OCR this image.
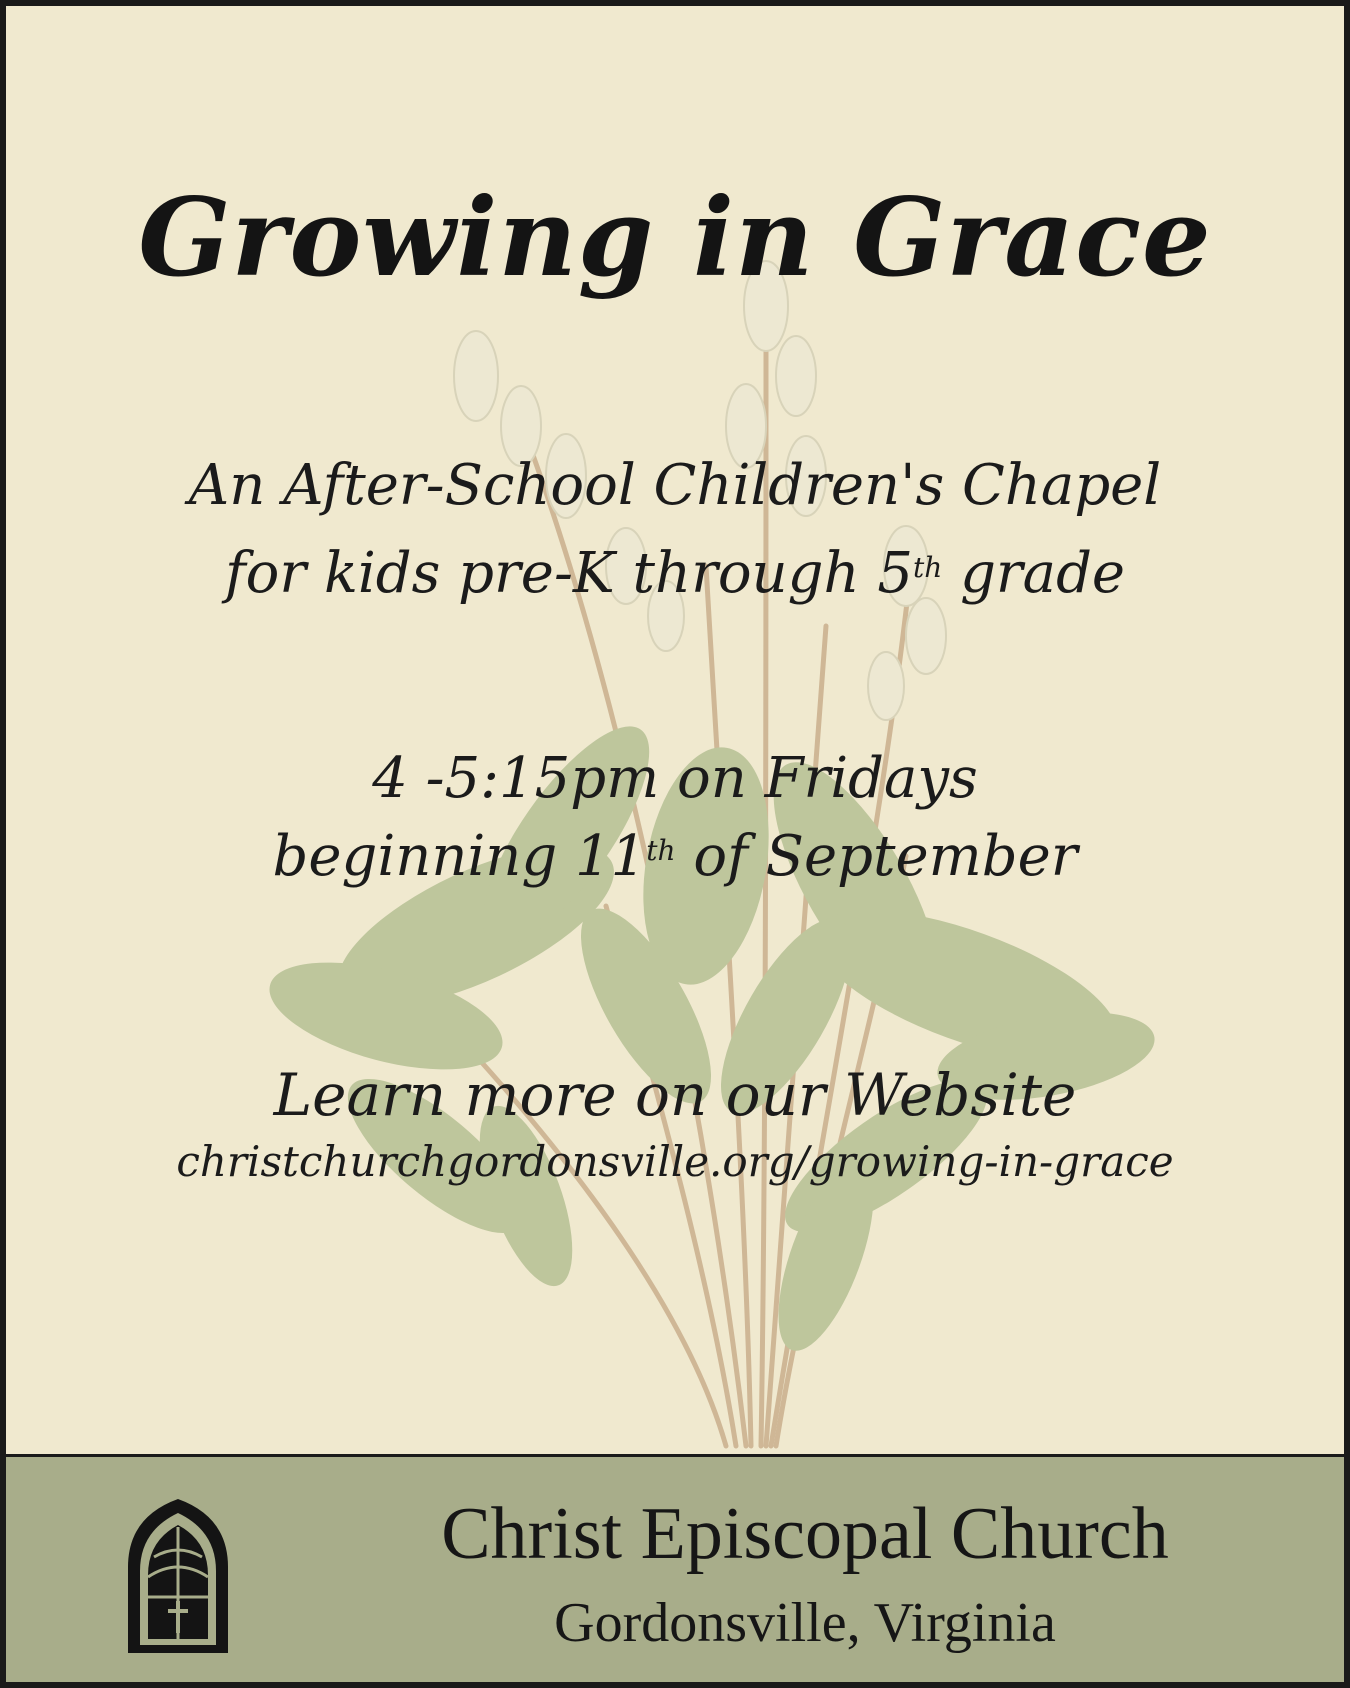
Growing in Grace
An After-School Children's Chapel
for kids pre-K through 5th grade
4 -5:15pm on Fridays
beginning 11th of September
Learn more on our Website
christchurchgordonsville.org/growing-in-grace
Christ Episcopal Church
Gordonsville, Virginia
